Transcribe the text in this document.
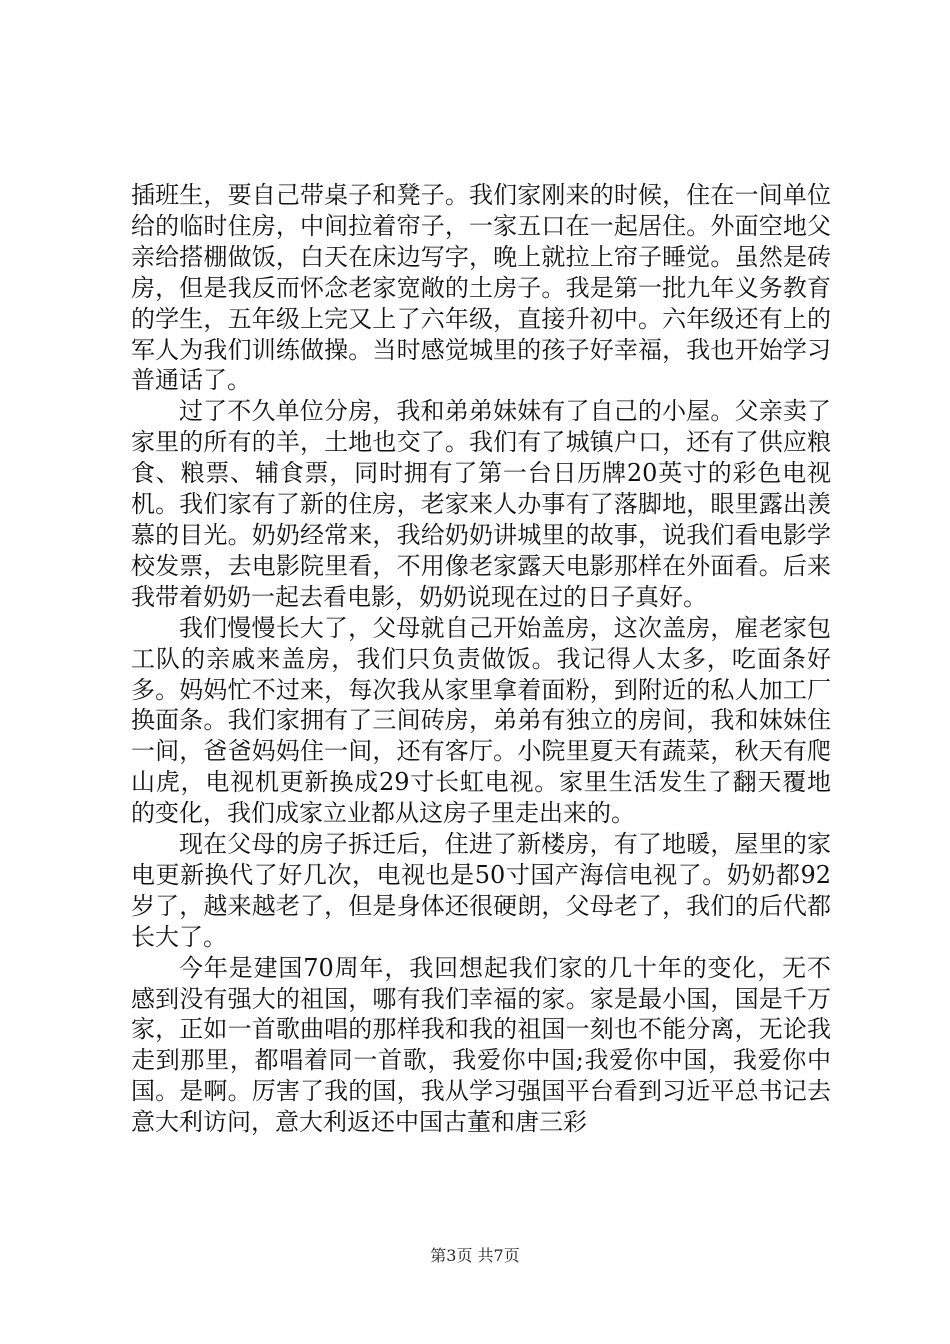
插班生，要自己带桌子和凳子。我们家刚来的时候，住在一间单位给的临时住房，中间拉着帘子，一家五口在一起居住。外面空地父亲给搭棚做饭，白天在床边写字，晚上就拉上帘子睡觉。虽然是砖房，但是我反而怀念老家宽敞的土房子。我是第一批九年义务教育的学生，五年级上完又上了六年级，直接升初中。六年级还有上的军人为我们训练做操。当时感觉城里的孩子好幸福，我也开始学习普通话了。

过了不久单位分房，我和弟弟妹妹有了自己的小屋。父亲卖了家里的所有的羊，土地也交了。我们有了城镇户口，还有了供应粮食、粮票、辅食票，同时拥有了第一台日历牌20英寸的彩色电视机。我们家有了新的住房，老家来人办事有了落脚地，眼里露出羡慕的目光。奶奶经常来，我给奶奶讲城里的故事，说我们看电影学校发票，去电影院里看，不用像老家露天电影那样在外面看。后来我带着奶奶一起去看电影，奶奶说现在过的日子真好。

我们慢慢长大了，父母就自己开始盖房，这次盖房，雇老家包工队的亲戚来盖房，我们只负责做饭。我记得人太多，吃面条好多。妈妈忙不过来，每次我从家里拿着面粉，到附近的私人加工厂换面条。我们家拥有了三间砖房，弟弟有独立的房间，我和妹妹住一间，爸爸妈妈住一间，还有客厅。小院里夏天有蔬菜，秋天有爬山虎，电视机更新换成29寸长虹电视。家里生活发生了翻天覆地的变化，我们成家立业都从这房子里走出来的。

现在父母的房子拆迁后，住进了新楼房，有了地暖，屋里的家电更新换代了好几次，电视也是50寸国产海信电视了。奶奶都92岁了，越来越老了，但是身体还很硬朗，父母老了，我们的后代都长大了。

今年是建国70周年，我回想起我们家的几十年的变化，无不感到没有强大的祖国，哪有我们幸福的家。家是最小国，国是千万家，正如一首歌曲唱的那样我和我的祖国一刻也不能分离，无论我走到那里，都唱着同一首歌，我爱你中国;我爱你中国，我爱你中国。是啊。厉害了我的国，我从学习强国平台看到习近平总书记去意大利访问，意大利返还中国古董和唐三彩

第3页 共7页
